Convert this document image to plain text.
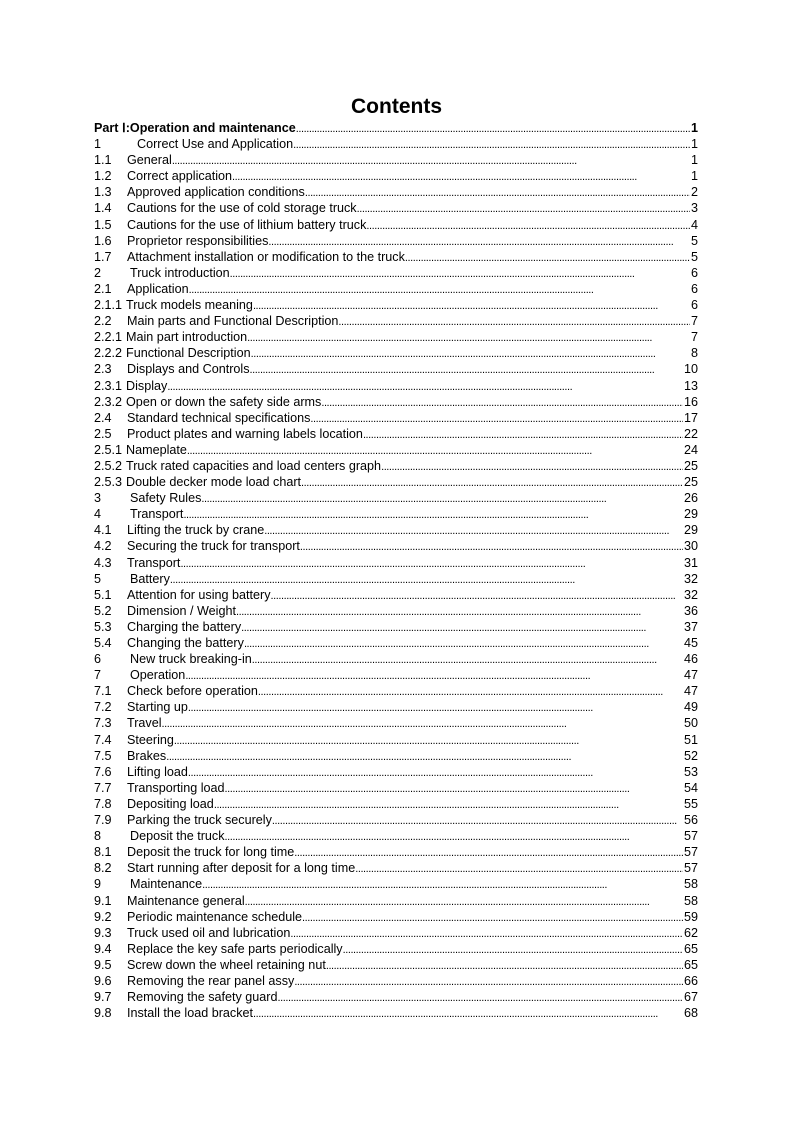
Contents
Part Ⅰ: Operation and maintenance . . .	1
1	Correct Use and Application . . .	1
1.1	General . . .	1
1.2	Correct application . . .	1
1.3	Approved application conditions . . .	2
1.4	Cautions for the use of cold storage truck . . .	3
1.5	Cautions for the use of lithium battery truck . . .	4
1.6	Proprietor responsibilities . . .	5
1.7	Attachment installation or modification to the truck . . .	5
2	Truck introduction . . .	6
2.1	Application . . .	6
2.1.1 Truck models meaning . . .	6
2.2	Main parts and Functional Description . . .	7
2.2.1 Main part introduction . . .	7
2.2.2 Functional Description . . .	8
2.3	Displays and Controls . . .	10
2.3.1 Display . . .	13
2.3.2 Open or down the safety side arms . . .	16
2.4	Standard technical specifications . . .	17
2.5	Product plates and warning labels location . . .	22
2.5.1 Nameplate . . .	24
2.5.2 Truck rated capacities and load centers graph . . .	25
2.5.3 Double decker mode load chart . . .	25
3	Safety Rules . . .	26
4	Transport . . .	29
4.1	Lifting the truck by crane . . .	29
4.2	Securing the truck for transport . . .	30
4.3	Transport . . .	31
5	Battery . . .	32
5.1	Attention for using battery . . .	32
5.2	Dimension / Weight . . .	36
5.3	Charging the battery . . .	37
5.4	Changing the battery . . .	45
6	New truck breaking-in . . .	46
7	Operation . . .	47
7.1	Check before operation . . .	47
7.2	Starting up . . .	49
7.3	Travel . . .	50
7.4	Steering . . .	51
7.5	Brakes . . .	52
7.6	Lifting load . . .	53
7.7	Transporting load . . .	54
7.8	Depositing load . . .	55
7.9	Parking the truck securely . . .	56
8	Deposit the truck . . .	57
8.1	Deposit the truck for long time . . .	57
8.2	Start running after deposit for a long time . . .	57
9	Maintenance . . .	58
9.1	Maintenance general . . .	58
9.2	Periodic maintenance schedule . . .	59
9.3	Truck used oil and lubrication . . .	62
9.4	Replace the key safe parts periodically . . .	65
9.5	Screw down the wheel retaining nut . . .	65
9.6	Removing the rear panel assy . . .	66
9.7	Removing the safety guard . . .	67
9.8	Install the load bracket . . .	68
